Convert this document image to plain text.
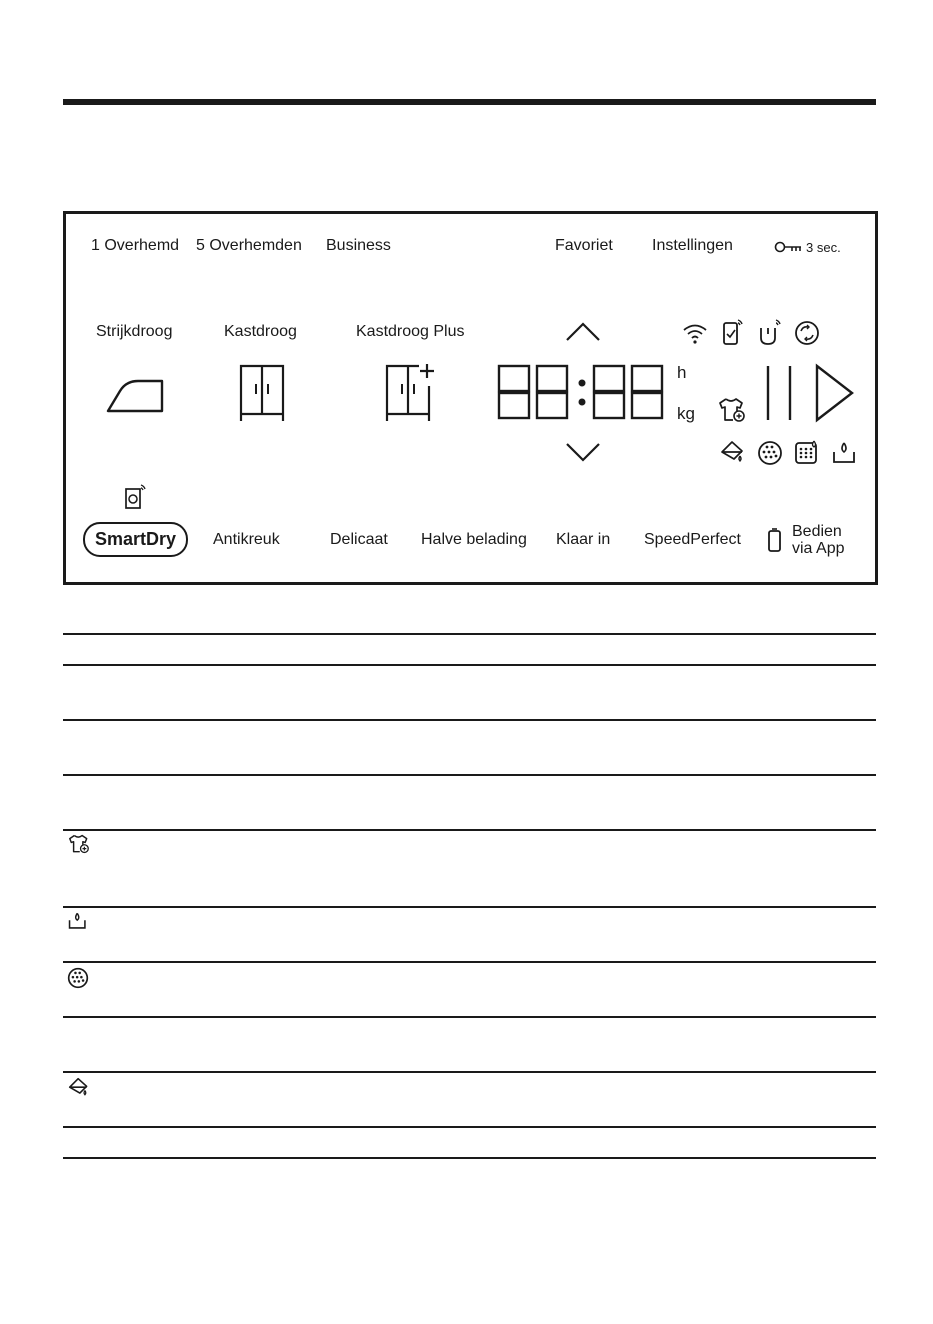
1 Overhemd 5 Overhemden Business	Favoriet Instellingen	3 sec.
Strijkdroog	Kastdroog	Kastdroog Plus
h
kg
SmartDry	Antikreuk	Delicaat Halve belading Klaar in SpeedPerfect	Bedien
via App
